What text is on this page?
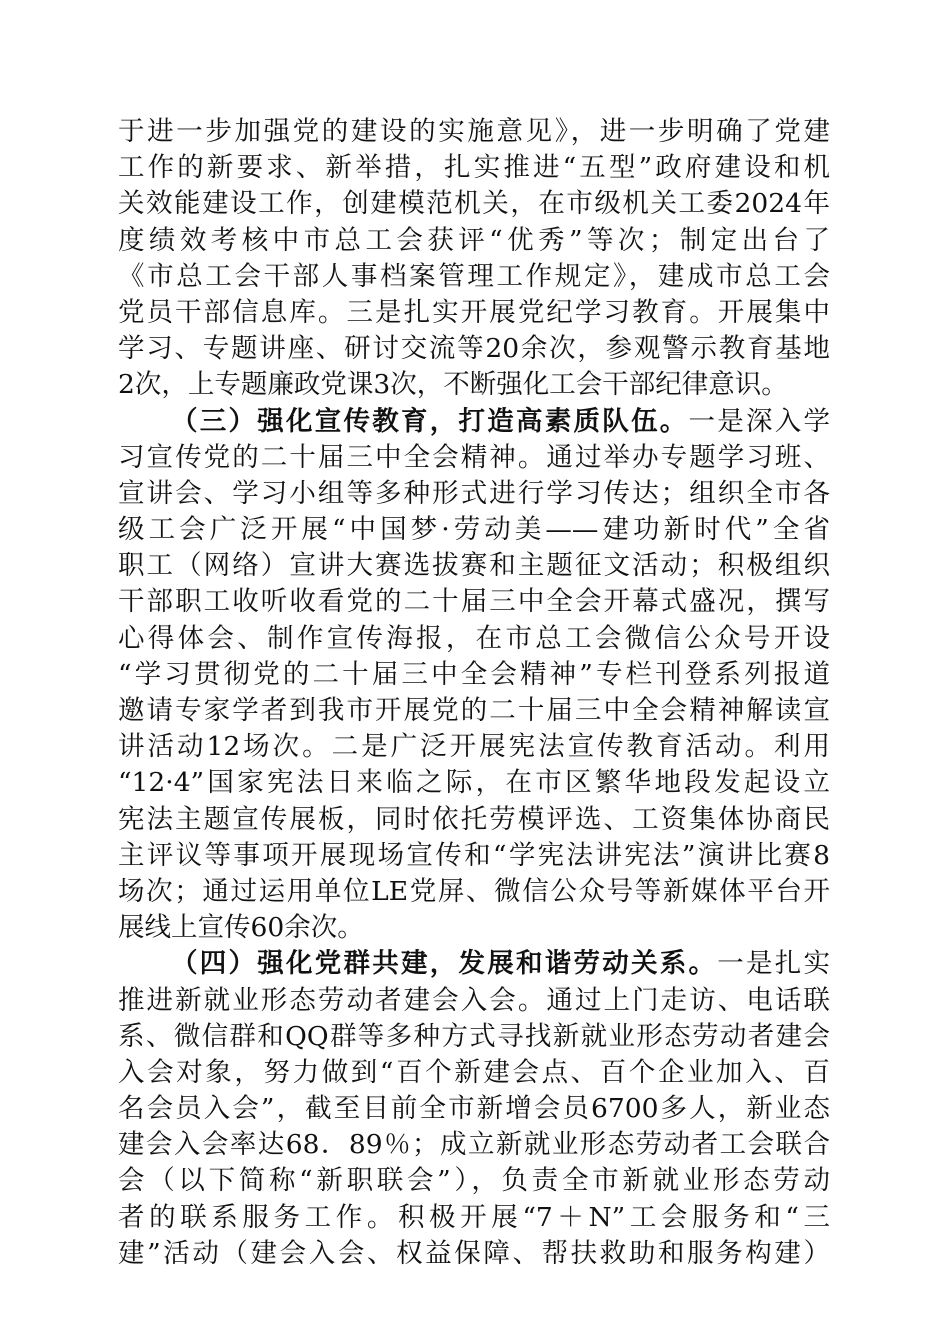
于进一步加强党的建设的实施意见》，进一步明确了党建
工作的新要求、新举措，扎实推进“五型”政府建设和机
关效能建设工作，创建模范机关，在市级机关工委2024年
度绩效考核中市总工会获评“优秀”等次；制定出台了
《市总工会干部人事档案管理工作规定》，建成市总工会
党员干部信息库。三是扎实开展党纪学习教育。开展集中
学习、专题讲座、研讨交流等20余次，参观警示教育基地
2次，上专题廉政党课3次，不断强化工会干部纪律意识。
（三）强化宣传教育，打造高素质队伍。一是深入学
习宣传党的二十届三中全会精神。通过举办专题学习班、
宣讲会、学习小组等多种形式进行学习传达；组织全市各
级工会广泛开展“中国梦·劳动美——建功新时代”全省
职工（网络）宣讲大赛选拔赛和主题征文活动；积极组织
干部职工收听收看党的二十届三中全会开幕式盛况，撰写
心得体会、制作宣传海报，在市总工会微信公众号开设
“学习贯彻党的二十届三中全会精神”专栏刊登系列报道
邀请专家学者到我市开展党的二十届三中全会精神解读宣
讲活动12场次。二是广泛开展宪法宣传教育活动。利用
“12·4”国家宪法日来临之际，在市区繁华地段发起设立
宪法主题宣传展板，同时依托劳模评选、工资集体协商民
主评议等事项开展现场宣传和“学宪法讲宪法”演讲比赛8
场次；通过运用单位LE党屏、微信公众号等新媒体平台开
展线上宣传60余次。
（四）强化党群共建，发展和谐劳动关系。一是扎实
推进新就业形态劳动者建会入会。通过上门走访、电话联
系、微信群和QQ群等多种方式寻找新就业形态劳动者建会
入会对象，努力做到“百个新建会点、百个企业加入、百
名会员入会”，截至目前全市新增会员6700多人，新业态
建会入会率达68．89％；成立新就业形态劳动者工会联合
会（以下简称“新职联会”），负责全市新就业形态劳动
者的联系服务工作。积极开展“7＋N”工会服务和“三
建”活动（建会入会、权益保障、帮扶救助和服务构建）
